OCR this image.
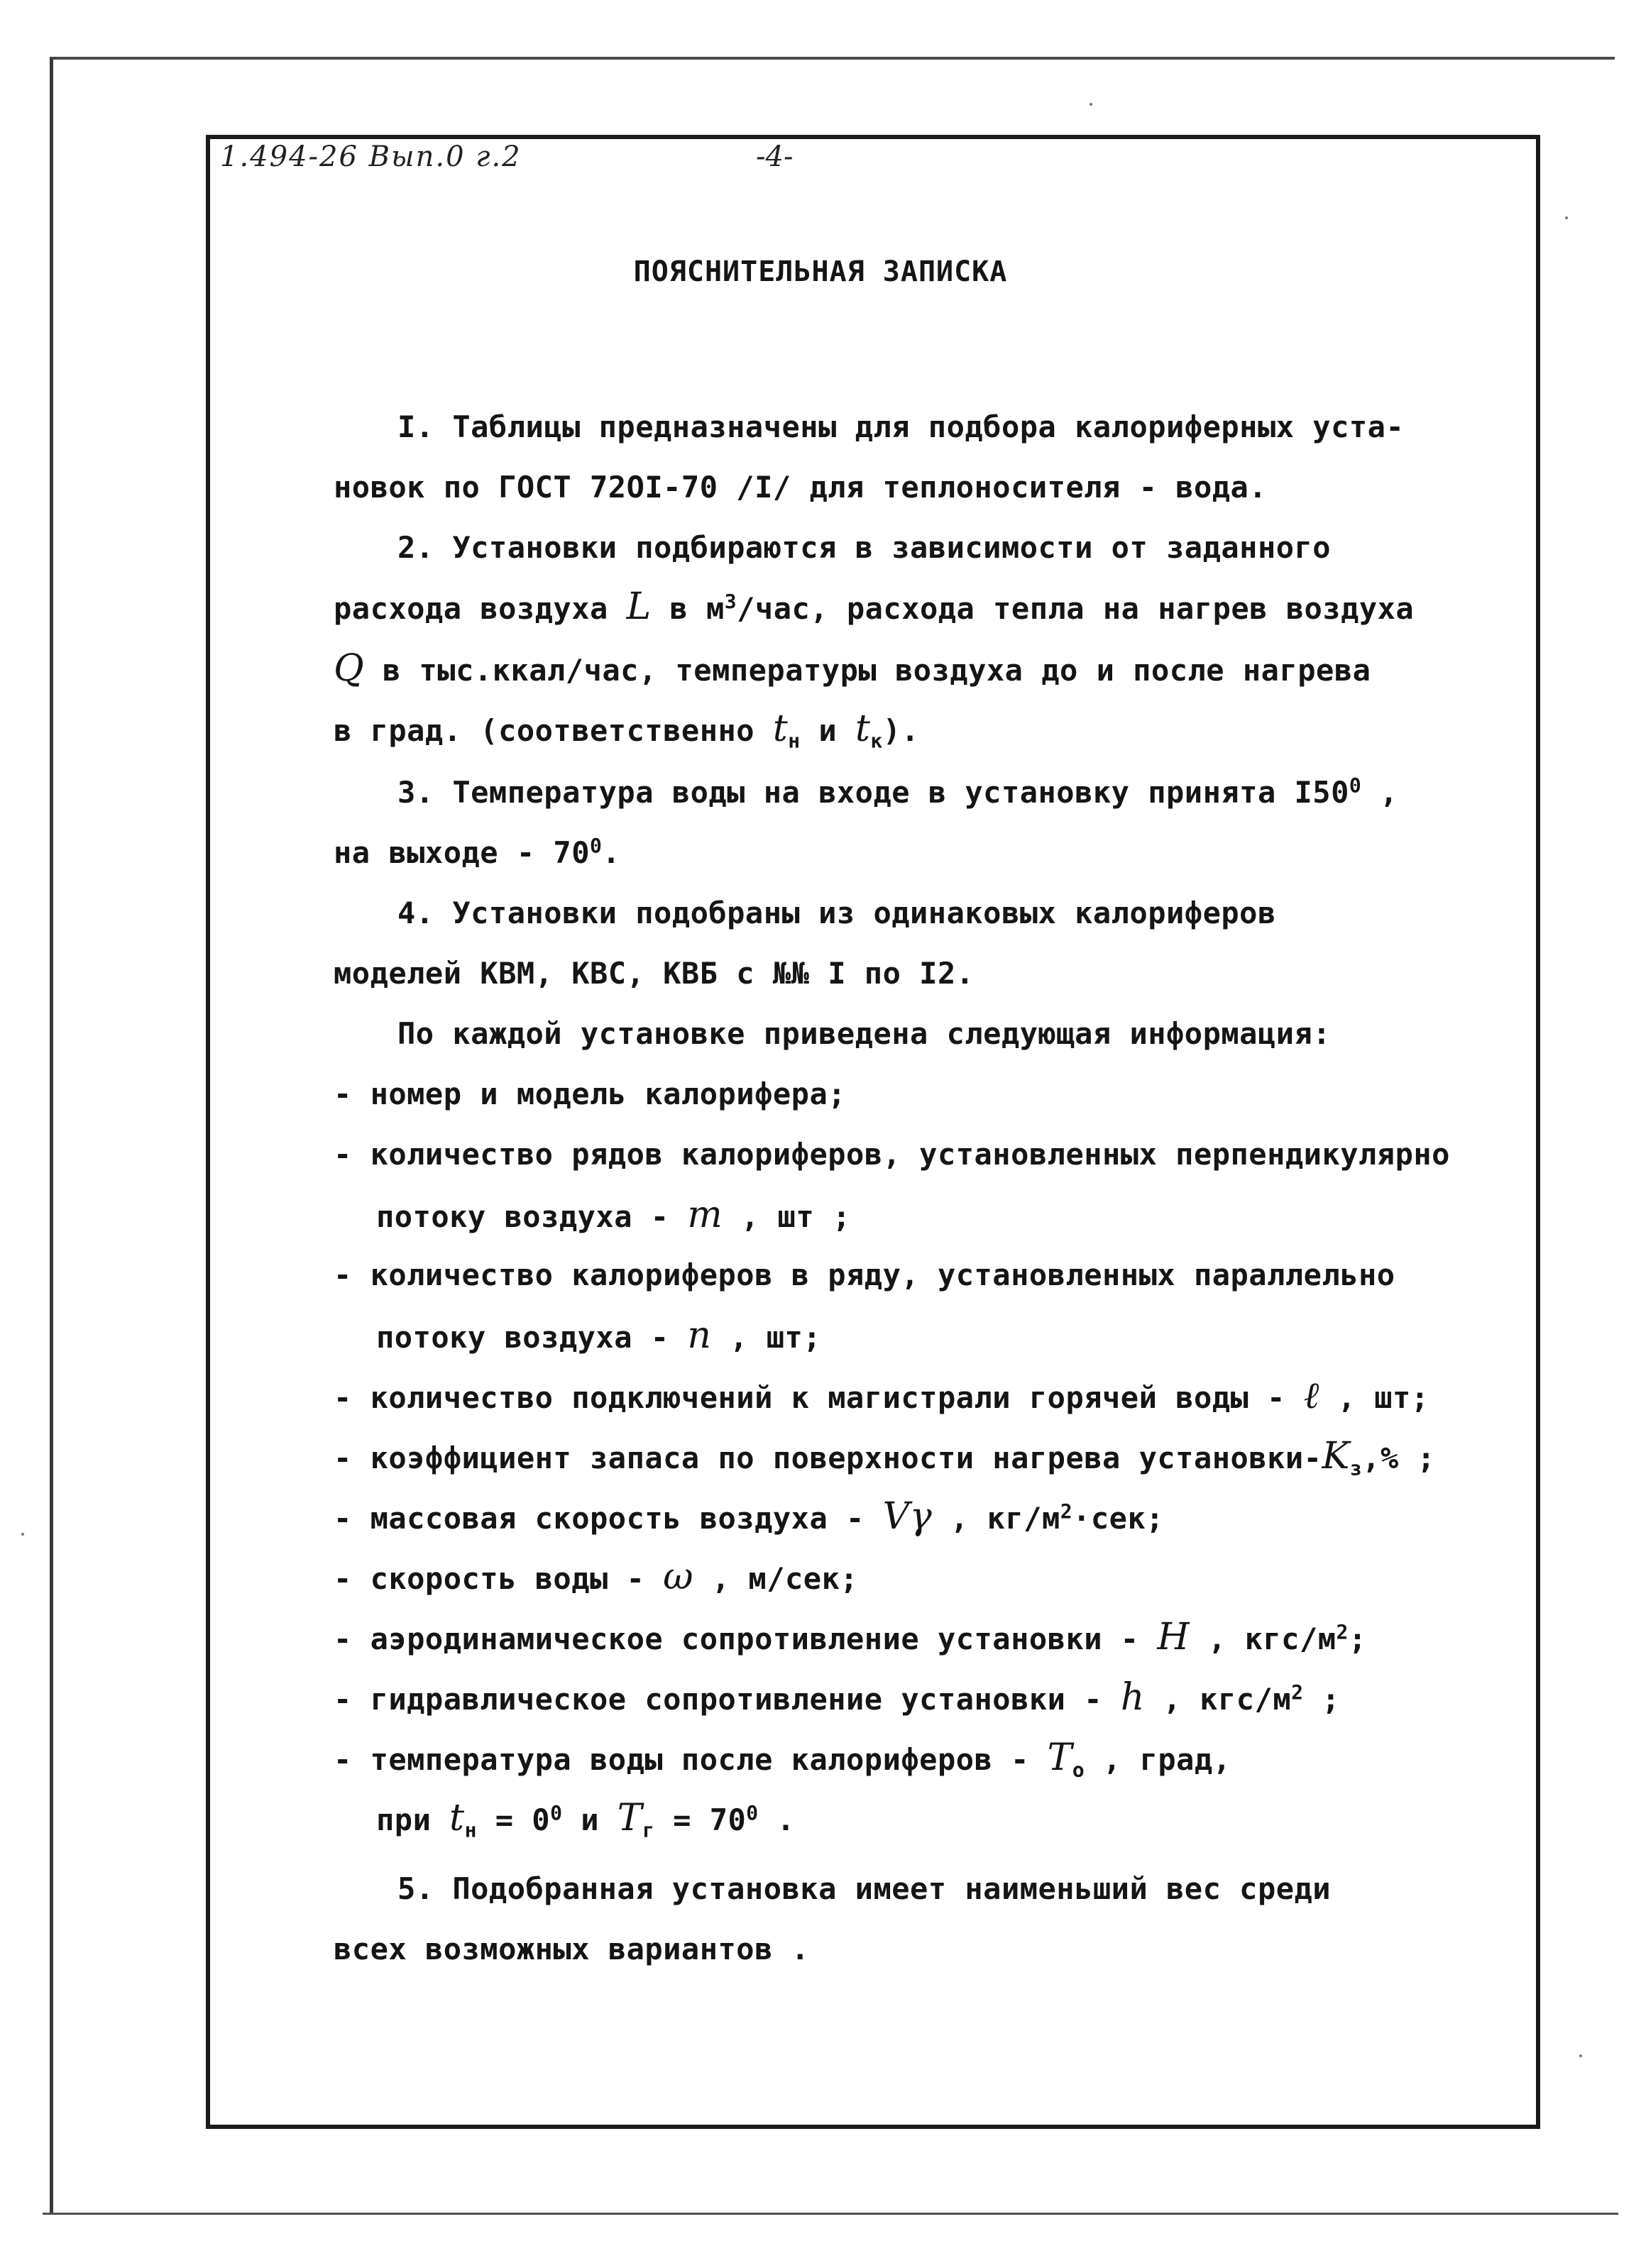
1.494-26 Вып.0 г.2	-4-
ПОЯСНИТЕЛЬНАЯ ЗАПИСКА
I. Таблицы предназначены для подбора калориферных уста-
новок по ГОСТ 72OI-70 /I/ для теплоносителя - вода.
2. Установки подбираются в зависимости от заданного
расхода воздуха L в $м^3$/час, расхода тепла на нагрев воздуха
Q в тыс.ккал/час, температуры воздуха до и после нагрева
в град. (соответственно $t_н$ и $t_к$).
3. Температура воды на входе в установку принята $I50^0$ ,
на выходе - $70^0$.
4. Установки подобраны из одинаковых калориферов
моделей КВМ, КВС, КВБ с №№ I по I2.
По каждой установке приведена следующая информация:
- номер и модель калорифера;
- количество рядов калориферов, установленных перпендикулярно
потоку воздуха - m , шт ;
- количество калориферов в ряду, установленных параллельно
потоку воздуха - n , шт;
- количество подключений к магистрали горячей воды - ℓ , шт;
- коэффициент запаса по поверхности нагрева установки-$K_з,\%$ ;
- массовая скорость воздуха - Vγ , $кг/м^2\cdot сек$;
- скорость воды - ω , м/сек;
- аэродинамическое сопротивление установки - H , кгс/$м^2$;
- гидравлическое сопротивление установки - h , кгс/$м^2$ ;
- температура воды после калориферов - $T_о$ , град,
при $t_н = 0^0$ и $T_г = 70^0$ .
5. Подобранная установка имеет наименьший вес среди
всех возможных вариантов .
